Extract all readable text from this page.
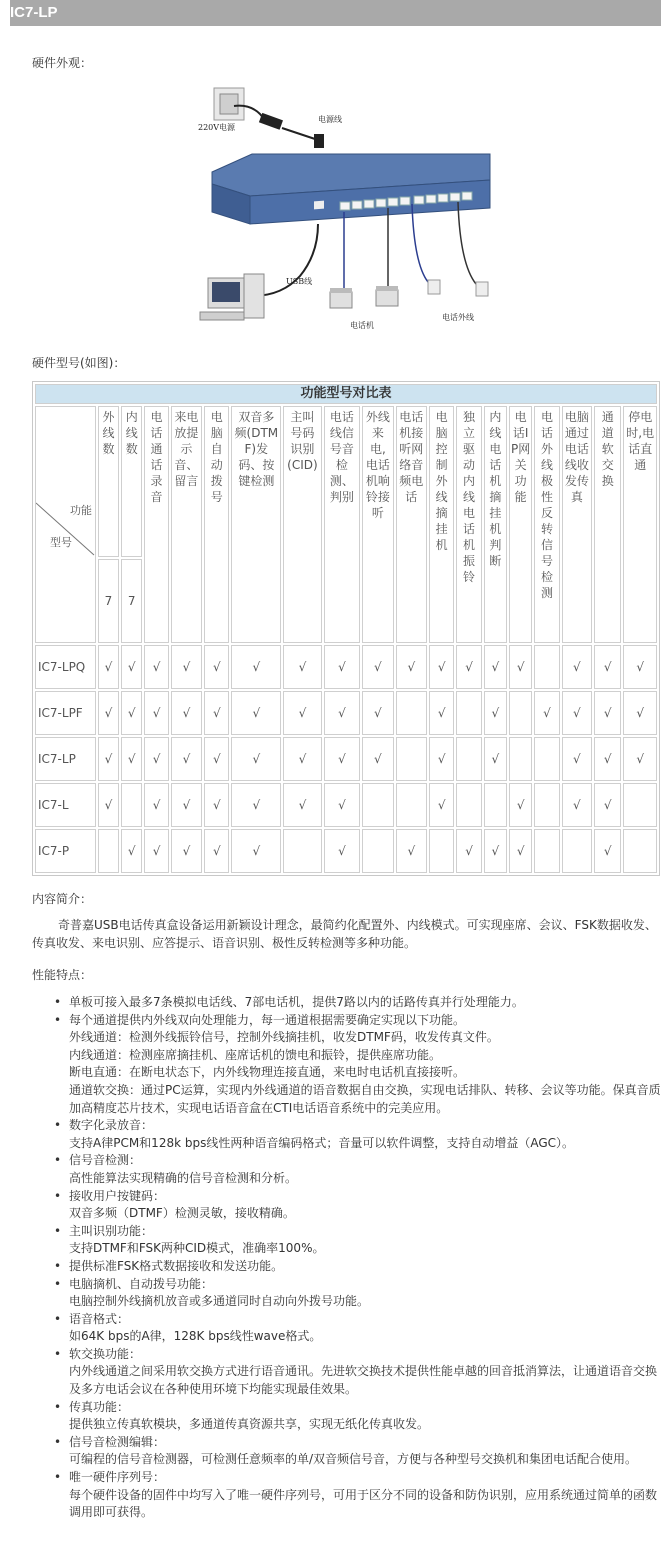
IC7-LP
硬件外观：
220V电源
电源线
USB线
电话机
电话外线
硬件型号(如图)：
功能型号对比表																		

功能
型号	外线数	内线数	电话通话录音	来电放提示音、留言	电脑自动拨号	双音多频(DTMF)发码、按键检测	主叫号码识别(CID)	电话线信号音检测、判别	外线来电,电话机响铃接听	电话机接听网络音频电话	电脑控制外线摘挂机	独立驱动内线电话机振铃	内线电话机摘挂机判断	电话IP网关功能	电话外线极性反转信号检测	电脑通过电话线收发传真	通道软交换	停电时,电话直通
	7	7																
IC7-LPQ	√	√	√	√	√	√	√	√	√	√	√	√	√	√		√	√	√
IC7-LPF	√	√	√	√	√	√	√	√	√		√		√		√	√	√	√
IC7-LP	√	√	√	√	√	√	√	√	√		√		√			√	√	√
IC7-L	√		√	√	√	√	√	√			√			√		√	√	
IC7-P		√	√	√	√	√		√		√		√	√	√			√	
内容简介：
奇普嘉USB电话传真盒设备运用新颖设计理念，最简约化配置外、内线模式。可实现座席、会议、FSK数据收发、传真收发、来电识别、应答提示、语音识别、极性反转检测等多种功能。
性能特点：
• 单板可接入最多7条模拟电话线、7部电话机，提供7路以内的话路传真并行处理能力。
• 每个通道提供内外线双向处理能力，每一通道根据需要确定实现以下功能。
外线通道：检测外线振铃信号，控制外线摘挂机，收发DTMF码，收发传真文件。
内线通道：检测座席摘挂机、座席话机的馈电和振铃，提供座席功能。
断电直通：在断电状态下，内外线物理连接直通，来电时电话机直接接听。
通道软交换：通过PC运算，实现内外线通道的语音数据自由交换，实现电话排队、转移、会议等功能。保真音质加高精度芯片技术，实现电话语音盒在CTI电话语音系统中的完美应用。
• 数字化录放音：
支持A律PCM和128k bps线性两种语音编码格式；音量可以软件调整，支持自动增益（AGC）。
• 信号音检测：
高性能算法实现精确的信号音检测和分析。
• 接收用户按键码：
双音多频（DTMF）检测灵敏，接收精确。
• 主叫识别功能：
支持DTMF和FSK两种CID模式，准确率100%。
• 提供标准FSK格式数据接收和发送功能。
• 电脑摘机、自动拨号功能：
电脑控制外线摘机放音或多通道同时自动向外拨号功能。
• 语音格式：
如64K bps的A律，128K bps线性wave格式。
• 软交换功能：
内外线通道之间采用软交换方式进行语音通讯。先进软交换技术提供性能卓越的回音抵消算法，让通道语音交换及多方电话会议在各种使用环境下均能实现最佳效果。
• 传真功能：
提供独立传真软模块，多通道传真资源共享，实现无纸化传真收发。
• 信号音检测编辑：
可编程的信号音检测器，可检测任意频率的单/双音频信号音，方便与各种型号交换机和集团电话配合使用。
• 唯一硬件序列号：
每个硬件设备的固件中均写入了唯一硬件序列号，可用于区分不同的设备和防伪识别，应用系统通过简单的函数调用即可获得。
